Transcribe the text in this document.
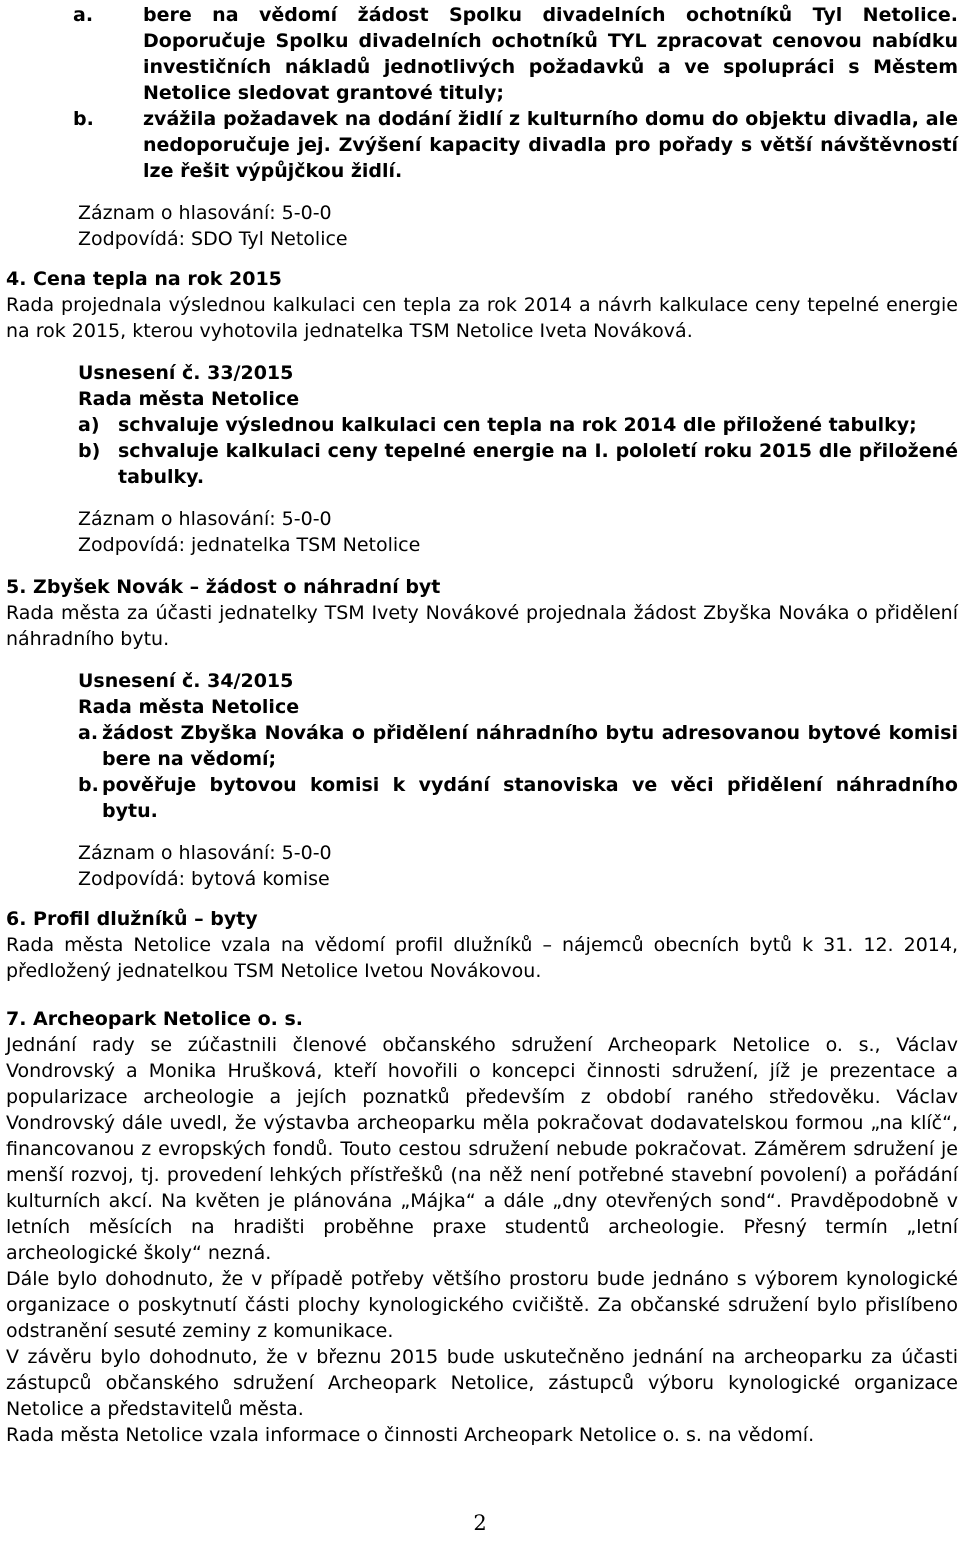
a.	bere na vědomí žádost Spolku divadelních ochotníků Tyl Netolice. Doporučuje Spolku divadelních ochotníků TYL zpracovat cenovou nabídku investičních nákladů jednotlivých požadavků a ve spolupráci s Městem Netolice sledovat grantové tituly;
b.	zvážila požadavek na dodání židlí z kulturního domu do objektu divadla, ale nedoporučuje jej. Zvýšení kapacity divadla pro pořady s větší návštěvností lze řešit výpůjčkou židlí.
Záznam o hlasování: 5-0-0
Zodpovídá: SDO Tyl Netolice
4. Cena tepla na rok 2015
Rada projednala výslednou kalkulaci cen tepla za rok 2014 a návrh kalkulace ceny tepelné energie na rok 2015, kterou vyhotovila jednatelka TSM Netolice Iveta Nováková.
Usnesení č. 33/2015
Rada města Netolice
a) schvaluje výslednou kalkulaci cen tepla na rok 2014 dle přiložené tabulky;
b) schvaluje kalkulaci ceny tepelné energie na I. pololetí roku 2015 dle přiložené tabulky.
Záznam o hlasování: 5-0-0
Zodpovídá: jednatelka TSM Netolice
5. Zbyšek Novák – žádost o náhradní byt
Rada města za účasti jednatelky TSM Ivety Novákové projednala žádost Zbyška Nováka o přidělení náhradního bytu.
Usnesení č. 34/2015
Rada města Netolice
a. žádost Zbyška Nováka o přidělení náhradního bytu adresovanou bytové komisi bere na vědomí;
b. pověřuje bytovou komisi k vydání stanoviska ve věci přidělení náhradního bytu.
Záznam o hlasování: 5-0-0
Zodpovídá: bytová komise
6. Profil dlužníků – byty
Rada města Netolice vzala na vědomí profil dlužníků – nájemců obecních bytů k 31. 12. 2014, předložený jednatelkou TSM Netolice Ivetou Novákovou.
7. Archeopark Netolice o. s.
Jednání rady se zúčastnili členové občanského sdružení Archeopark Netolice o. s., Václav Vondrovský a Monika Hrušková, kteří hovořili o koncepci činnosti sdružení, jíž je prezentace a popularizace archeologie a jejích poznatků především z období raného středověku. Václav Vondrovský dále uvedl, že výstavba archeoparku měla pokračovat dodavatelskou formou „na klíč“, financovanou z evropských fondů. Touto cestou sdružení nebude pokračovat. Záměrem sdružení je menší rozvoj, tj. provedení lehkých přístřešků (na něž není potřebné stavební povolení) a pořádání kulturních akcí. Na květen je plánována „Májka“ a dále „dny otevřených sond“. Pravděpodobně v letních měsících na hradišti proběhne praxe studentů archeologie. Přesný termín „letní archeologické školy“ nezná.
Dále bylo dohodnuto, že v případě potřeby většího prostoru bude jednáno s výborem kynologické organizace o poskytnutí části plochy kynologického cvičiště. Za občanské sdružení bylo přislíbeno odstranění sesuté zeminy z komunikace.
V závěru bylo dohodnuto, že v březnu 2015 bude uskutečněno jednání na archeoparku za účasti zástupců občanského sdružení Archeopark Netolice, zástupců výboru kynologické organizace Netolice a představitelů města.
Rada města Netolice vzala informace o činnosti Archeopark Netolice o. s. na vědomí.
2
